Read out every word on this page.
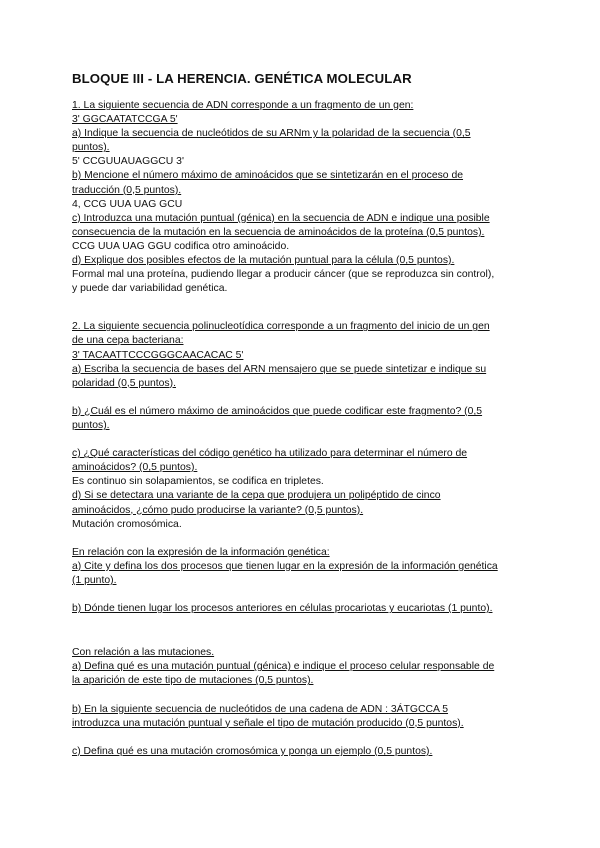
BLOQUE III - LA HERENCIA. GENÉTICA MOLECULAR
1. La siguiente secuencia de ADN corresponde a un fragmento de un gen:
3' GGCAATATCCGA 5'
a) Indique la secuencia de nucleótidos de su ARNm y la polaridad de la secuencia (0,5
puntos).
5' CCGUUAUAGGCU 3'
b) Mencione el número máximo de aminoácidos que se sintetizarán en el proceso de
traducción (0,5 puntos).
4, CCG UUA UAG GCU
c) Introduzca una mutación puntual (génica) en la secuencia de ADN e indique una posible
consecuencia de la mutación en la secuencia de aminoácidos de la proteína (0,5 puntos).
CCG UUA UAG GGU codifica otro aminoácido.
d) Explique dos posibles efectos de la mutación puntual para la célula (0,5 puntos).
Formal mal una proteína, pudiendo llegar a producir cáncer (que se reproduzca sin control),
y puede dar variabilidad genética.
2. La siguiente secuencia polinucleotídica corresponde a un fragmento del inicio de un gen
de una cepa bacteriana:
3' TACAATTCCCGGGCAACACAC 5'
a) Escriba la secuencia de bases del ARN mensajero que se puede sintetizar e indique su
polaridad (0,5 puntos).
b) ¿Cuál es el número máximo de aminoácidos que puede codificar este fragmento? (0,5
puntos).
c) ¿Qué características del código genético ha utilizado para determinar el número de
aminoácidos? (0,5 puntos).
Es continuo sin solapamientos, se codifica en tripletes.
d) Si se detectara una variante de la cepa que produjera un polipéptido de cinco
aminoácidos, ¿cómo pudo producirse la variante? (0,5 puntos).
Mutación cromosómica.
En relación con la expresión de la información genética:
a) Cite y defina los dos procesos que tienen lugar en la expresión de la información genética
(1 punto).
b) Dónde tienen lugar los procesos anteriores en células procariotas y eucariotas (1 punto).
Con relación a las mutaciones.
a) Defina qué es una mutación puntual (génica) e indique el proceso celular responsable de
la aparición de este tipo de mutaciones (0,5 puntos).
b) En la siguiente secuencia de nucleótidos de una cadena de ADN : 3ÁTGCCA 5
introduzca una mutación puntual y señale el tipo de mutación producido (0,5 puntos).
c) Defina qué es una mutación cromosómica y ponga un ejemplo (0,5 puntos).
